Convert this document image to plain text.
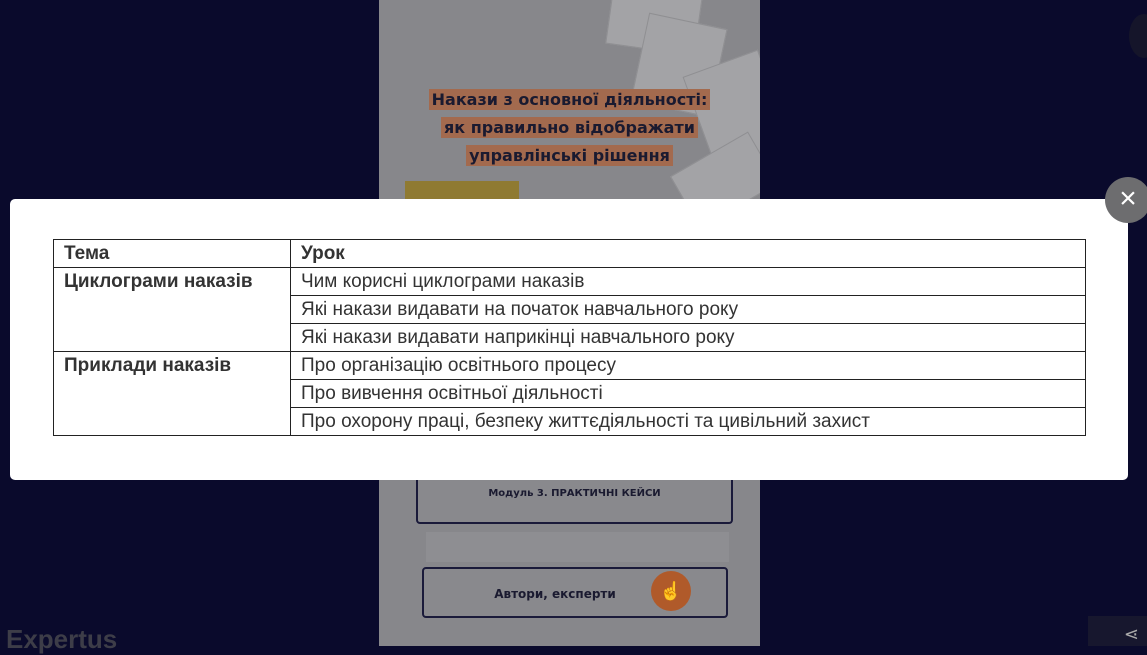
Накази з основної діяльності:
як правильно відображати
управлінські рішення
Модуль 3. ПРАКТИЧНІ КЕЙСИ
Автори, експерти	☝
Expertus	⋖
Тема	Урок
Циклограми наказів	Чим корисні циклограми наказів
	Які накази видавати на початок навчального року
	Які накази видавати наприкінці навчального року
Приклади наказів	Про організацію освітнього процесу
	Про вивчення освітньої діяльності
	Про охорону праці, безпеку життєдіяльності та цивільний захист
×
